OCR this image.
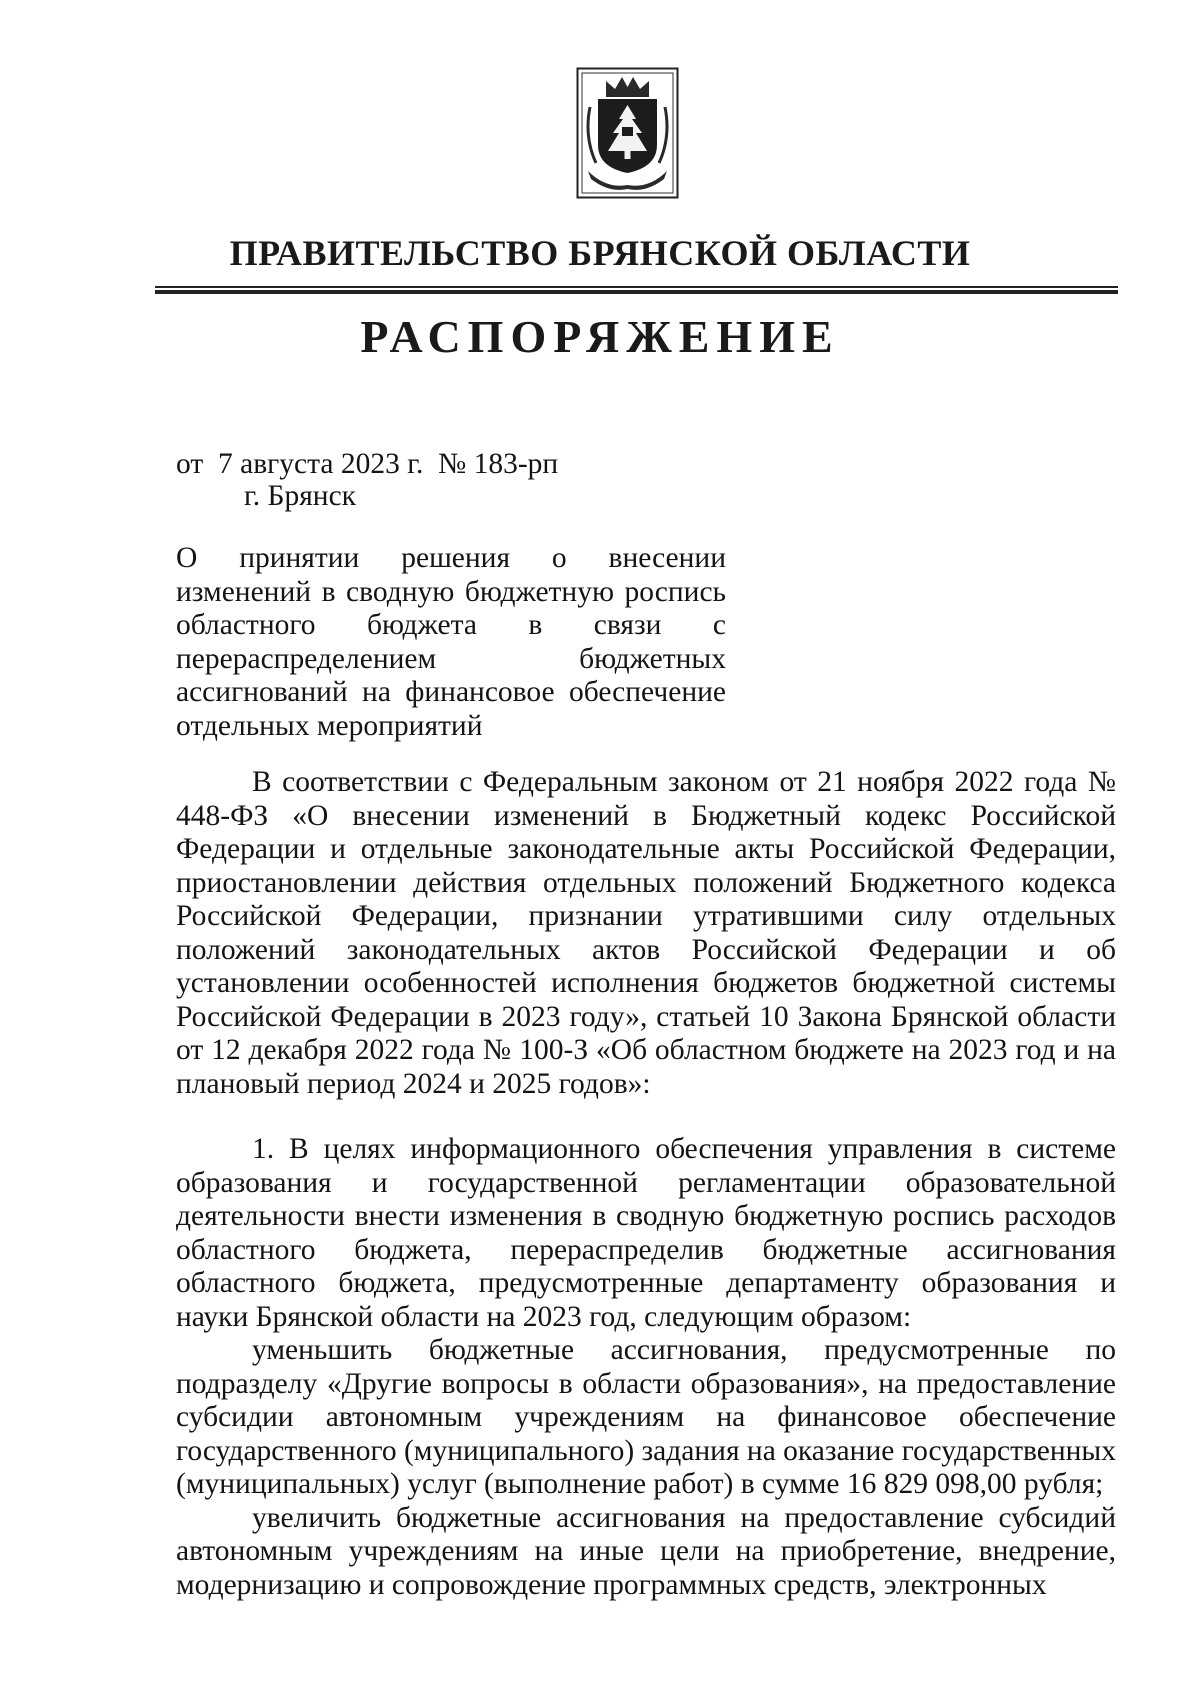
ПРАВИТЕЛЬСТВО БРЯНСКОЙ ОБЛАСТИ
РАСПОРЯЖЕНИЕ
от  7 августа 2023 г.  № 183-рп
г. Брянск
О принятии решения о внесении изменений в сводную бюджетную роспись областного бюджета в связи с перераспределением бюджетных ассигнований на финансовое обеспечение отдельных мероприятий

В соответствии с Федеральным законом от 21 ноября 2022 года № 448-ФЗ «О внесении изменений в Бюджетный кодекс Российской Федерации и отдельные законодательные акты Российской Федерации, приостановлении действия отдельных положений Бюджетного кодекса Российской Федерации, признании утратившими силу отдельных положений законодательных актов Российской Федерации и об установлении особенностей исполнения бюджетов бюджетной системы Российской Федерации в 2023 году», статьей 10 Закона Брянской области от 12 декабря 2022 года № 100-З «Об областном бюджете на 2023 год и на плановый период 2024 и 2025 годов»:

1. В целях информационного обеспечения управления в системе образования и государственной регламентации образовательной деятельности внести изменения в сводную бюджетную роспись расходов областного бюджета, перераспределив бюджетные ассигнования областного бюджета, предусмотренные департаменту образования и науки Брянской области на 2023 год, следующим образом:

уменьшить бюджетные ассигнования, предусмотренные по подразделу «Другие вопросы в области образования», на предоставление субсидии автономным учреждениям на финансовое обеспечение государственного (муниципального) задания на оказание государственных (муниципальных) услуг (выполнение работ) в сумме 16 829 098,00 рубля;

увеличить бюджетные ассигнования на предоставление субсидий автономным учреждениям на иные цели на приобретение, внедрение, модернизацию и сопровождение программных средств, электронных
